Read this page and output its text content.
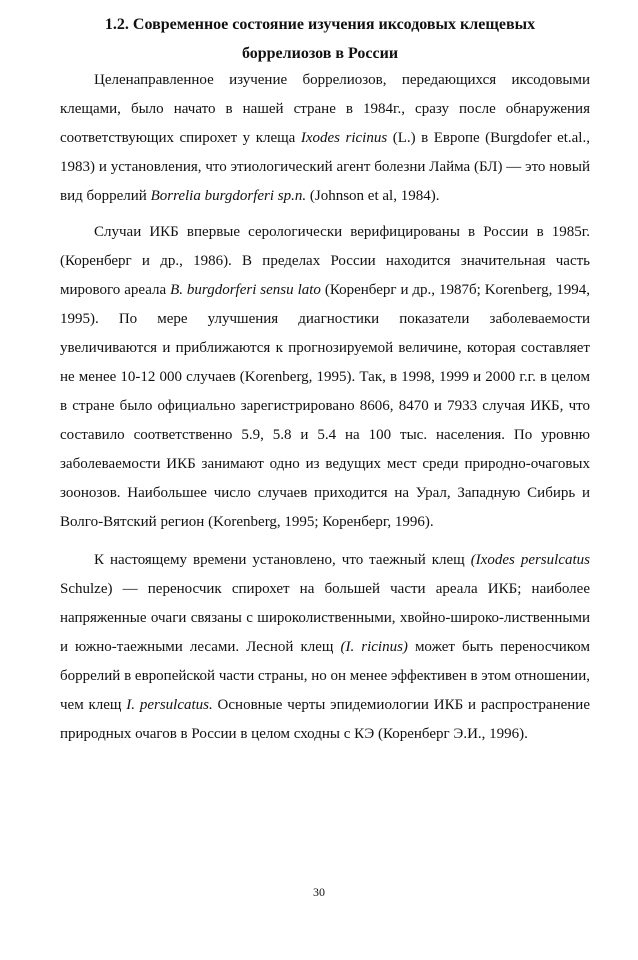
1.2. Современное состояние изучения иксодовых клещевых
боррелиозов в России

Целенаправленное изучение боррелиозов, передающихся иксодовыми клещами, было начато в нашей стране в 1984г., сразу после обнаружения соответствующих спирохет у клеща Ixodes ricinus (L.) в Европе (Burgdofer et.al., 1983) и установления, что этиологический агент болезни Лайма (БЛ) — это новый вид боррелий Borrelia burgdorferi sp.n. (Johnson et al, 1984).

Случаи ИКБ впервые серологически верифицированы в России в 1985г. (Коренберг и др., 1986). В пределах России находится значительная часть мирового ареала B. burgdorferi sensu lato (Коренберг и др., 1987б; Korenberg, 1994, 1995). По мере улучшения диагностики показатели заболеваемости увеличиваются и приближаются к прогнозируемой величине, которая составляет не менее 10-12 000 случаев (Korenberg, 1995). Так, в 1998, 1999 и 2000 г.г. в целом в стране было официально зарегистрировано 8606, 8470 и 7933 случая ИКБ, что составило соответственно 5.9, 5.8 и 5.4 на 100 тыс. населения. По уровню заболеваемости ИКБ занимают одно из ведущих мест среди природно-очаговых зоонозов. Наибольшее число случаев приходится на Урал, Западную Сибирь и Волго-Вятский регион (Korenberg, 1995; Коренберг, 1996).

К настоящему времени установлено, что таежный клещ (Ixodes persulcatus Schulze) — переносчик спирохет на большей части ареала ИКБ; наиболее напряженные очаги связаны с широколиственными, хвойно-широко-лиственными и южно-таежными лесами. Лесной клещ (I. ricinus) может быть переносчиком боррелий в европейской части страны, но он менее эффективен в этом отношении, чем клещ I. persulcatus. Основные черты эпидемиологии ИКБ и распространение природных очагов в России в целом сходны с КЭ (Коренберг Э.И., 1996).

30
